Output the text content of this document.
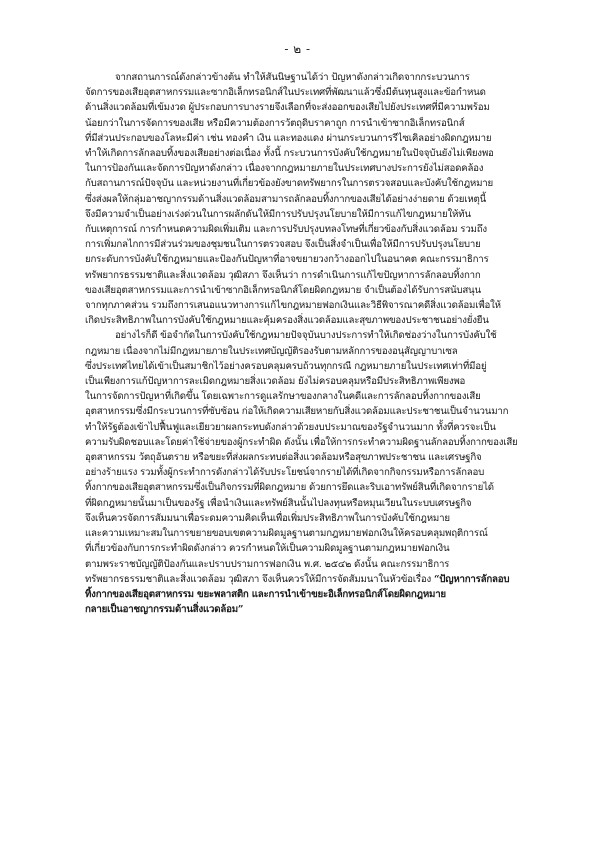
- ๒ -

จากสถานการณ์ดังกล่าวข้างต้น ทำให้สันนิษฐานได้ว่า ปัญหาดังกล่าวเกิดจากกระบวนการ

จัดการของเสียอุตสาหกรรมและซากอิเล็กทรอนิกส์ในประเทศที่พัฒนาแล้วซึ่งมีต้นทุนสูงและข้อกำหนด

ด้านสิ่งแวดล้อมที่เข้มงวด ผู้ประกอบการบางรายจึงเลือกที่จะส่งออกของเสียไปยังประเทศที่มีความพร้อม

น้อยกว่าในการจัดการของเสีย หรือมีความต้องการวัตถุดิบราคาถูก การนำเข้าซากอิเล็กทรอนิกส์

ที่มีส่วนประกอบของโลหะมีค่า เช่น ทองคำ เงิน และทองแดง ผ่านกระบวนการรีไซเคิลอย่างผิดกฎหมาย

ทำให้เกิดการลักลอบทิ้งของเสียอย่างต่อเนื่อง ทั้งนี้ กระบวนการบังคับใช้กฎหมายในปัจจุบันยังไม่เพียงพอ

ในการป้องกันและจัดการปัญหาดังกล่าว เนื่องจากกฎหมายภายในประเทศบางประการยังไม่สอดคล้อง

กับสถานการณ์ปัจจุบัน และหน่วยงานที่เกี่ยวข้องยังขาดทรัพยากรในการตรวจสอบและบังคับใช้กฎหมาย

ซึ่งส่งผลให้กลุ่มอาชญากรรมด้านสิ่งแวดล้อมสามารถลักลอบทิ้งกากของเสียได้อย่างง่ายดาย ด้วยเหตุนี้

จึงมีความจำเป็นอย่างเร่งด่วนในการผลักดันให้มีการปรับปรุงนโยบายให้มีการแก้ไขกฎหมายให้ทัน

กับเหตุการณ์ การกำหนดความผิดเพิ่มเติม และการปรับปรุงบทลงโทษที่เกี่ยวข้องกับสิ่งแวดล้อม รวมถึง

การเพิ่มกลไกการมีส่วนร่วมของชุมชนในการตรวจสอบ จึงเป็นสิ่งจำเป็นเพื่อให้มีการปรับปรุงนโยบาย

ยกระดับการบังคับใช้กฎหมายและป้องกันปัญหาที่อาจขยายวงกว้างออกไปในอนาคต คณะกรรมาธิการ

ทรัพยากรธรรมชาติและสิ่งแวดล้อม วุฒิสภา จึงเห็นว่า การดำเนินการแก้ไขปัญหาการลักลอบทิ้งกาก

ของเสียอุตสาหกรรมและการนำเข้าซากอิเล็กทรอนิกส์โดยผิดกฎหมาย จำเป็นต้องได้รับการสนับสนุน

จากทุกภาคส่วน รวมถึงการเสนอแนวทางการแก้ไขกฎหมายฟอกเงินและวิธีพิจารณาคดีสิ่งแวดล้อมเพื่อให้

เกิดประสิทธิภาพในการบังคับใช้กฎหมายและคุ้มครองสิ่งแวดล้อมและสุขภาพของประชาชนอย่างยั่งยืน

อย่างไรก็ดี ข้อจำกัดในการบังคับใช้กฎหมายปัจจุบันบางประการทำให้เกิดช่องว่างในการบังคับใช้

กฎหมาย เนื่องจากไม่มีกฎหมายภายในประเทศบัญญัติรองรับตามหลักการของอนุสัญญาบาเซล

ซึ่งประเทศไทยได้เข้าเป็นสมาชิกไว้อย่างครอบคลุมครบถ้วนทุกกรณี กฎหมายภายในประเทศเท่าที่มีอยู่

เป็นเพียงการแก้ปัญหาการละเมิดกฎหมายสิ่งแวดล้อม ยังไม่ครอบคลุมหรือมีประสิทธิภาพเพียงพอ

ในการจัดการปัญหาที่เกิดขึ้น โดยเฉพาะการดูแลรักษาของกลางในคดีและการลักลอบทิ้งกากของเสีย

อุตสาหกรรมซึ่งมีกระบวนการที่ซับซ้อน ก่อให้เกิดความเสียหายกับสิ่งแวดล้อมและประชาชนเป็นจำนวนมาก

ทำให้รัฐต้องเข้าไปฟื้นฟูและเยียวยาผลกระทบดังกล่าวด้วยงบประมาณของรัฐจำนวนมาก ทั้งที่ควรจะเป็น

ความรับผิดชอบและโดยค่าใช้จ่ายของผู้กระทำผิด ดังนั้น เพื่อให้การกระทำความผิดฐานลักลอบทิ้งกากของเสีย

อุตสาหกรรม วัตถุอันตราย หรือขยะที่ส่งผลกระทบต่อสิ่งแวดล้อมหรือสุขภาพประชาชน และเศรษฐกิจ

อย่างร้ายแรง รวมทั้งผู้กระทำการดังกล่าวได้รับประโยชน์จากรายได้ที่เกิดจากกิจกรรมหรือการลักลอบ

ทิ้งกากของเสียอุตสาหกรรมซึ่งเป็นกิจกรรมที่ผิดกฎหมาย ด้วยการยึดและริบเอาทรัพย์สินที่เกิดจากรายได้

ที่ผิดกฎหมายนั้นมาเป็นของรัฐ เพื่อนำเงินและทรัพย์สินนั้นไปลงทุนหรือหมุนเวียนในระบบเศรษฐกิจ

จึงเห็นควรจัดการสัมมนาเพื่อระดมความคิดเห็นเพื่อเพิ่มประสิทธิภาพในการบังคับใช้กฎหมาย

และความเหมาะสมในการขยายขอบเขตความผิดมูลฐานตามกฎหมายฟอกเงินให้ครอบคลุมพฤติการณ์

ที่เกี่ยวข้องกับการกระทำผิดดังกล่าว ควรกำหนดให้เป็นความผิดมูลฐานตามกฎหมายฟอกเงิน

ตามพระราชบัญญัติป้องกันและปราบปรามการฟอกเงิน พ.ศ. ๒๕๔๒ ดังนั้น คณะกรรมาธิการ

ทรัพยากรธรรมชาติและสิ่งแวดล้อม วุฒิสภา จึงเห็นควรให้มีการจัดสัมมนาในหัวข้อเรื่อง “ปัญหาการลักลอบ

ทิ้งกากของเสียอุตสาหกรรม ขยะพลาสติก และการนำเข้าขยะอิเล็กทรอนิกส์โดยผิดกฎหมาย

กลายเป็นอาชญากรรมด้านสิ่งแวดล้อม”
